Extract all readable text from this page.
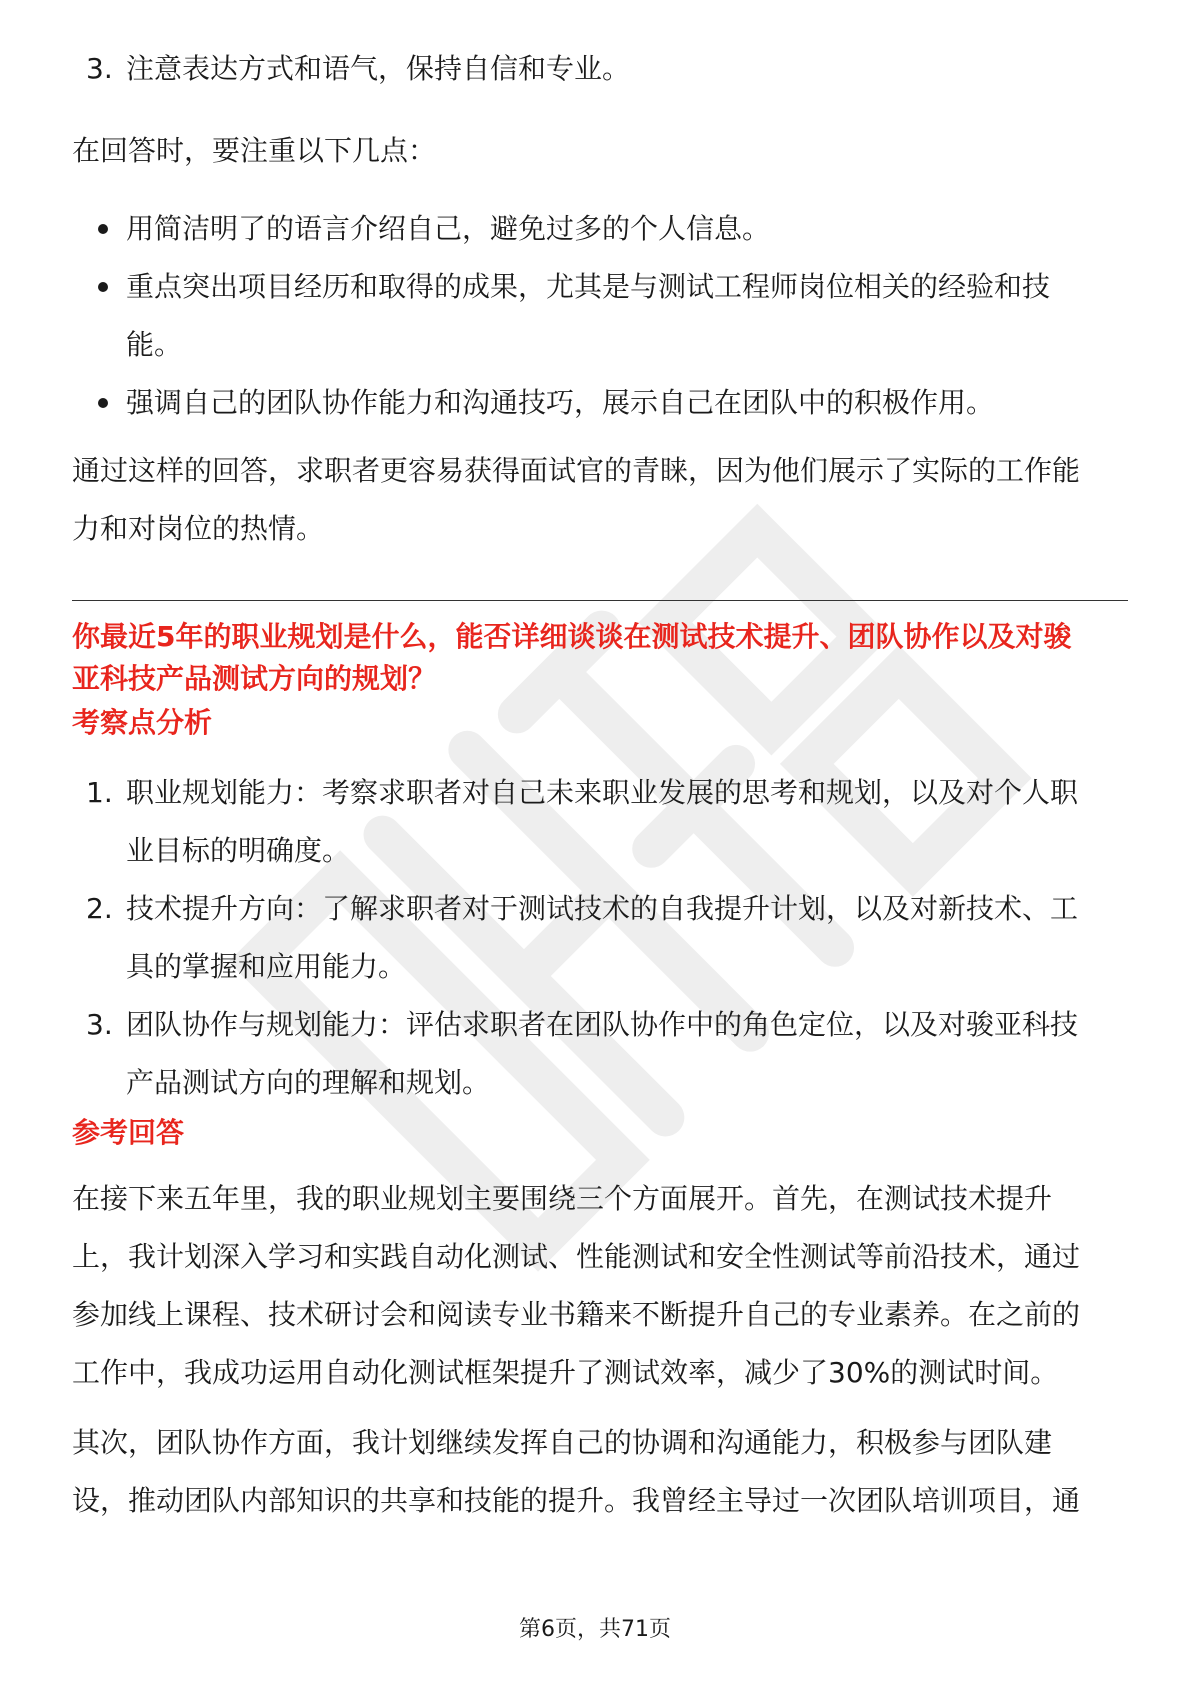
3. 注意表达方式和语气，保持自信和专业。

在回答时，要注重以下几点：

用简洁明了的语言介绍自己，避免过多的个人信息。
重点突出项目经历和取得的成果，尤其是与测试工程师岗位相关的经验和技
能。
强调自己的团队协作能力和沟通技巧，展示自己在团队中的积极作用。
通过这样的回答，求职者更容易获得面试官的青睐，因为他们展示了实际的工作能
力和对岗位的热情。
你最近5年的职业规划是什么，能否详细谈谈在测试技术提升、团队协作以及对骏
亚科技产品测试方向的规划？
考察点分析
1. 职业规划能力：考察求职者对自己未来职业发展的思考和规划，以及对个人职
业目标的明确度。
2. 技术提升方向：了解求职者对于测试技术的自我提升计划，以及对新技术、工
具的掌握和应用能力。
3. 团队协作与规划能力：评估求职者在团队协作中的角色定位，以及对骏亚科技
产品测试方向的理解和规划。
参考回答
在接下来五年里，我的职业规划主要围绕三个方面展开。首先，在测试技术提升
上，我计划深入学习和实践自动化测试、性能测试和安全性测试等前沿技术，通过
参加线上课程、技术研讨会和阅读专业书籍来不断提升自己的专业素养。在之前的
工作中，我成功运用自动化测试框架提升了测试效率，减少了30%的测试时间。
其次，团队协作方面，我计划继续发挥自己的协调和沟通能力，积极参与团队建
设，推动团队内部知识的共享和技能的提升。我曾经主导过一次团队培训项目，通
第6页，共71页
